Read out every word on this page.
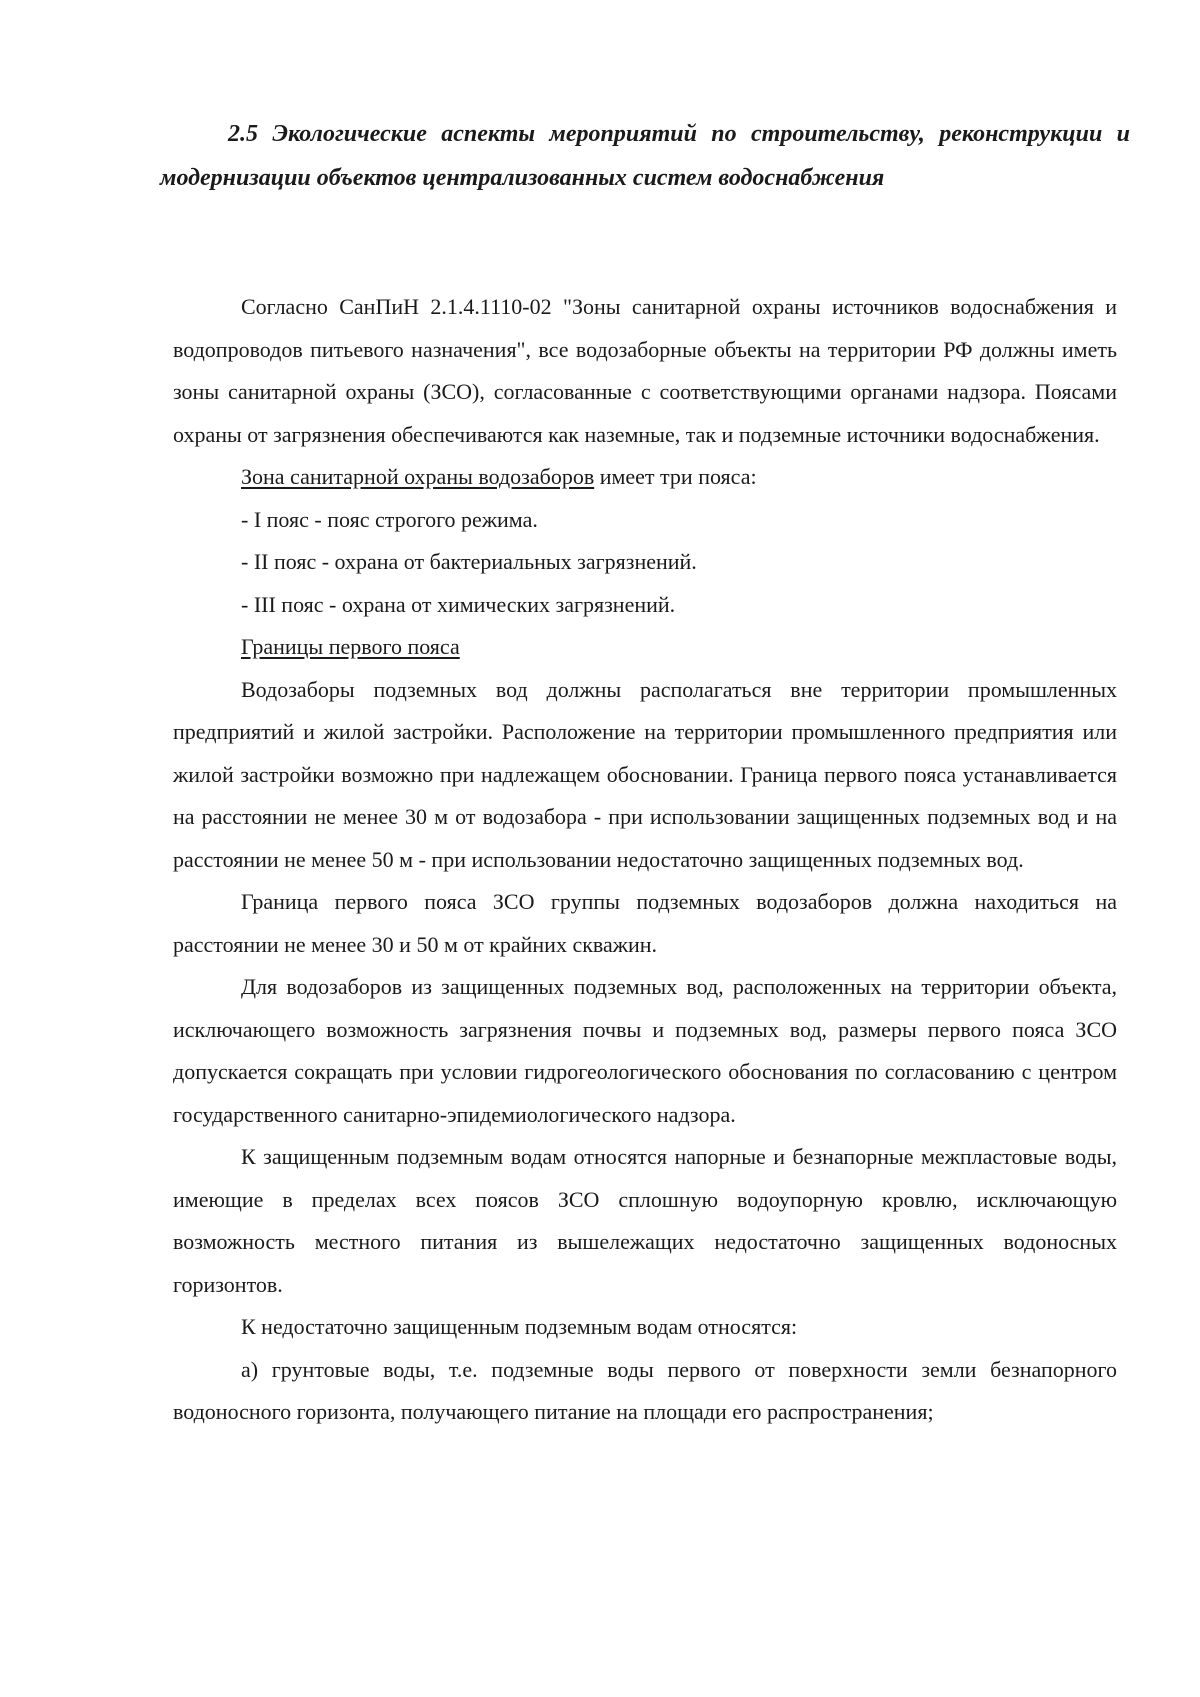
2.5 Экологические аспекты мероприятий по строительству, реконструкции и модернизации объектов централизованных систем водоснабжения

Согласно СанПиН 2.1.4.1110-02 "Зоны санитарной охраны источников водоснабжения и водопроводов питьевого назначения", все водозаборные объекты на территории РФ должны иметь зоны санитарной охраны (ЗСО), согласованные с соответствующими органами надзора. Поясами охраны от загрязнения обеспечиваются как наземные, так и подземные источники водоснабжения.

Зона санитарной охраны водозаборов имеет три пояса:

- I пояс - пояс строгого режима.

- II пояс - охрана от бактериальных загрязнений.

- III пояс - охрана от химических загрязнений.

Границы первого пояса

Водозаборы подземных вод должны располагаться вне территории промышленных предприятий и жилой застройки. Расположение на территории промышленного предприятия или жилой застройки возможно при надлежащем обосновании. Граница первого пояса устанавливается на расстоянии не менее 30 м от водозабора - при использовании защищенных подземных вод и на расстоянии не менее 50 м - при использовании недостаточно защищенных подземных вод.

Граница первого пояса ЗСО группы подземных водозаборов должна находиться на расстоянии не менее 30 и 50 м от крайних скважин.

Для водозаборов из защищенных подземных вод, расположенных на территории объекта, исключающего возможность загрязнения почвы и подземных вод, размеры первого пояса ЗСО допускается сокращать при условии гидрогеологического обоснования по согласованию с центром государственного санитарно-эпидемиологического надзора.

К защищенным подземным водам относятся напорные и безнапорные межпластовые воды, имеющие в пределах всех поясов ЗСО сплошную водоупорную кровлю, исключающую возможность местного питания из вышележащих недостаточно защищенных водоносных горизонтов.

К недостаточно защищенным подземным водам относятся:

а) грунтовые воды, т.е. подземные воды первого от поверхности земли безнапорного водоносного горизонта, получающего питание на площади его распространения;
